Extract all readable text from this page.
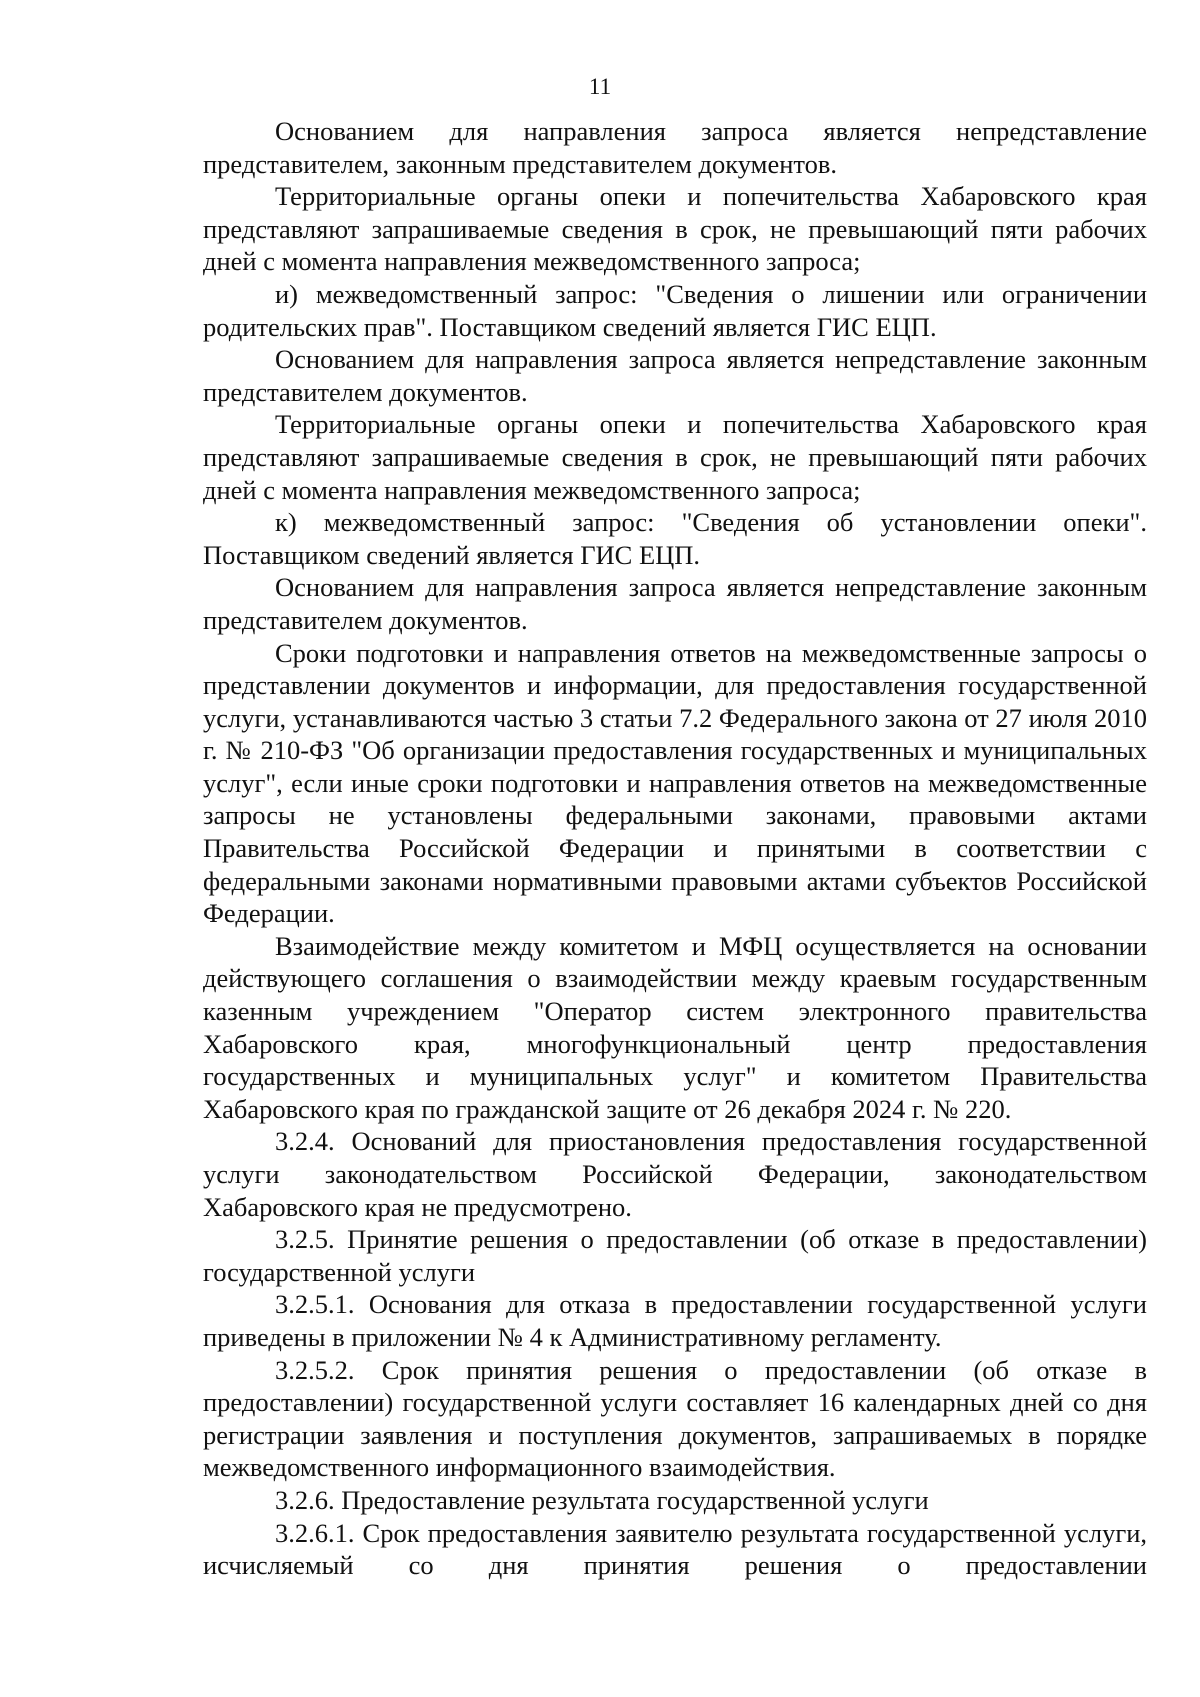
11

Основанием для направления запроса является непредставление представителем, законным представителем документов.

Территориальные органы опеки и попечительства Хабаровского края представляют запрашиваемые сведения в срок, не превышающий пяти рабочих дней с момента направления межведомственного запроса;

и) межведомственный запрос: "Сведения о лишении или ограничении родительских прав". Поставщиком сведений является ГИС ЕЦП.

Основанием для направления запроса является непредставление законным представителем документов.

Территориальные органы опеки и попечительства Хабаровского края представляют запрашиваемые сведения в срок, не превышающий пяти рабочих дней с момента направления межведомственного запроса;

к) межведомственный запрос: "Сведения об установлении опеки". Поставщиком сведений является ГИС ЕЦП.

Основанием для направления запроса является непредставление законным представителем документов.

Сроки подготовки и направления ответов на межведомственные запросы о представлении документов и информации, для предоставления государственной услуги, устанавливаются частью 3 статьи 7.2 Федерального закона от 27 июля 2010 г. № 210-ФЗ "Об организации предоставления государственных и муниципальных услуг", если иные сроки подготовки и направления ответов на межведомственные запросы не установлены федеральными законами, правовыми актами Правительства Российской Федерации и принятыми в соответствии с федеральными законами нормативными правовыми актами субъектов Российской Федерации.

Взаимодействие между комитетом и МФЦ осуществляется на основании действующего соглашения о взаимодействии между краевым государственным казенным учреждением "Оператор систем электронного правительства Хабаровского края, многофункциональный центр предоставления государственных и муниципальных услуг" и комитетом Правительства Хабаровского края по гражданской защите от 26 декабря 2024 г. № 220.

3.2.4. Оснований для приостановления предоставления государственной услуги законодательством Российской Федерации, законодательством Хабаровского края не предусмотрено.

3.2.5. Принятие решения о предоставлении (об отказе в предоставлении) государственной услуги

3.2.5.1. Основания для отказа в предоставлении государственной услуги приведены в приложении № 4 к Административному регламенту.

3.2.5.2. Срок принятия решения о предоставлении (об отказе в предоставлении) государственной услуги составляет 16 календарных дней со дня регистрации заявления и поступления документов, запрашиваемых в порядке межведомственного информационного взаимодействия.

3.2.6. Предоставление результата государственной услуги

3.2.6.1. Срок предоставления заявителю результата государственной услуги, исчисляемый со дня принятия решения о предоставлении
